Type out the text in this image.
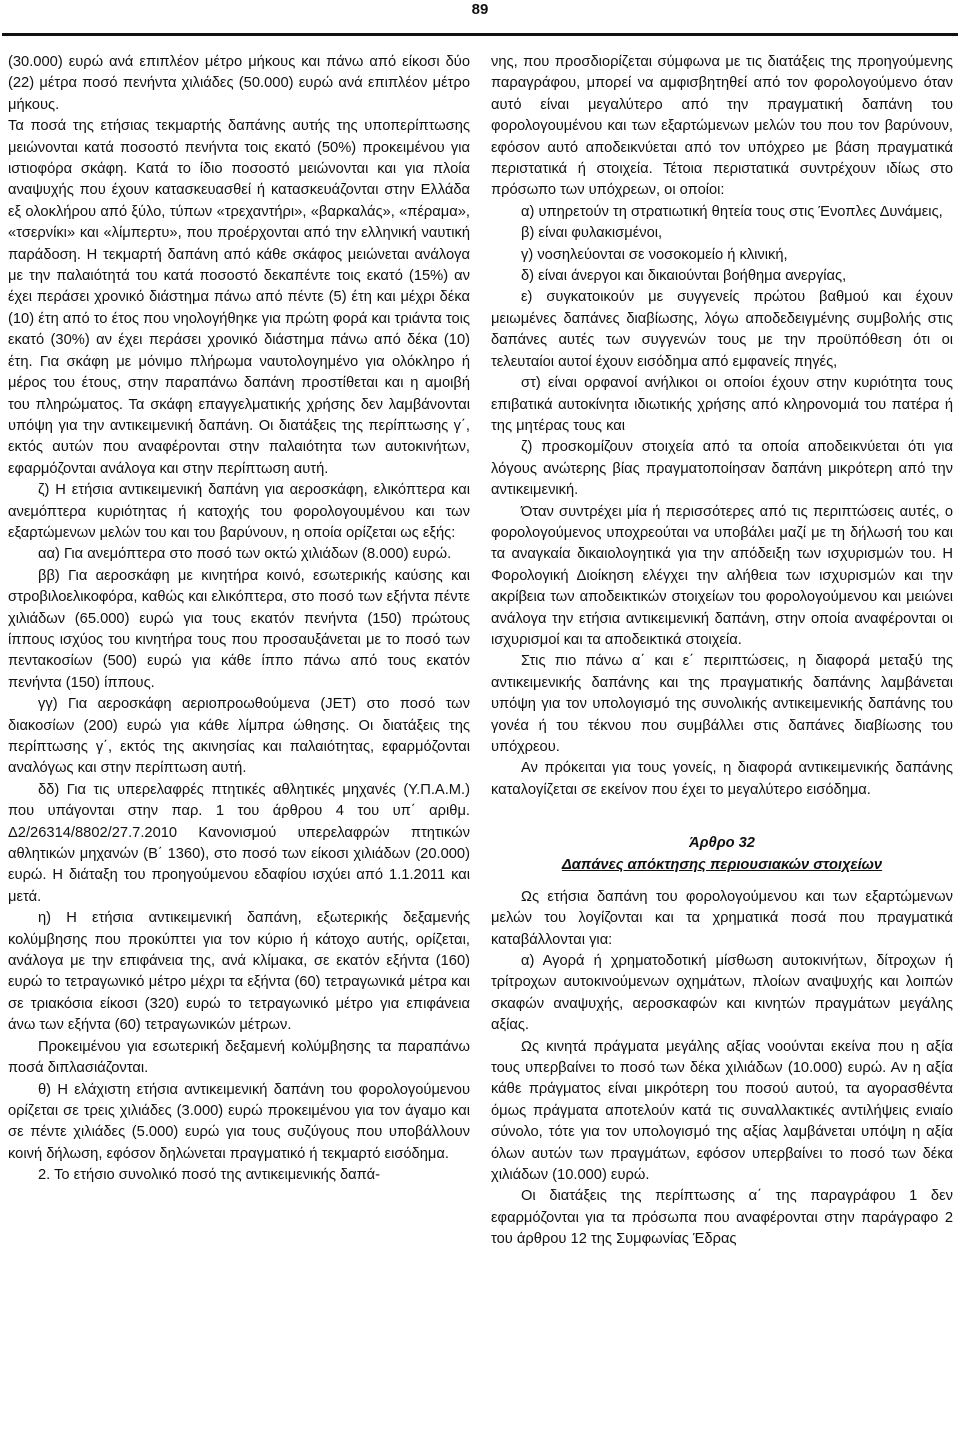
89

(30.000) ευρώ ανά επιπλέον μέτρο μήκους και πάνω από είκοσι δύο (22) μέτρα ποσό πενήντα χιλιάδες (50.000) ευρώ ανά επιπλέον μέτρο μήκους.

Τα ποσά της ετήσιας τεκμαρτής δαπάνης αυτής της υποπερίπτωσης μειώνονται κατά ποσοστό πενήντα τοις εκατό (50%) προκειμένου για ιστιοφόρα σκάφη. Κατά το ίδιο ποσοστό μειώνονται και για πλοία αναψυχής που έχουν κατασκευασθεί ή κατασκευάζονται στην Ελλάδα εξ ολοκλήρου από ξύλο, τύπων «τρεχαντήρι», «βαρκαλάς», «πέραμα», «τσερνίκι» και «λίμπερτυ», που προέρχονται από την ελληνική ναυτική παράδοση. Η τεκμαρτή δαπάνη από κάθε σκάφος μειώνεται ανάλογα με την παλαιότητά του κατά ποσοστό δεκαπέντε τοις εκατό (15%) αν έχει περάσει χρονικό διάστημα πάνω από πέντε (5) έτη και μέχρι δέκα (10) έτη από το έτος που νηολογήθηκε για πρώτη φορά και τριάντα τοις εκατό (30%) αν έχει περάσει χρονικό διάστημα πάνω από δέκα (10) έτη. Για σκάφη με μόνιμο πλήρωμα ναυτολογημένο για ολόκληρο ή μέρος του έτους, στην παραπάνω δαπάνη προστίθεται και η αμοιβή του πληρώματος. Τα σκάφη επαγγελματικής χρήσης δεν λαμβάνονται υπόψη για την αντικειμενική δαπάνη. Οι διατάξεις της περίπτωσης γ΄, εκτός αυτών που αναφέρονται στην παλαιότητα των αυτοκινήτων, εφαρμόζονται ανάλογα και στην περίπτωση αυτή.

ζ) Η ετήσια αντικειμενική δαπάνη για αεροσκάφη, ελικόπτερα και ανεμόπτερα κυριότητας ή κατοχής του φορολογουμένου και των εξαρτώμενων μελών του και του βαρύνουν, η οποία ορίζεται ως εξής:

αα) Για ανεμόπτερα στο ποσό των οκτώ χιλιάδων (8.000) ευρώ.

ββ) Για αεροσκάφη με κινητήρα κοινό, εσωτερικής καύσης και στροβιλοελικοφόρα, καθώς και ελικόπτερα, στο ποσό των εξήντα πέντε χιλιάδων (65.000) ευρώ για τους εκατόν πενήντα (150) πρώτους ίππους ισχύος του κινητήρα τους που προσαυξάνεται με το ποσό των πεντακοσίων (500) ευρώ για κάθε ίππο πάνω από τους εκατόν πενήντα (150) ίππους.

γγ) Για αεροσκάφη αεριοπροωθούμενα (JET) στο ποσό των διακοσίων (200) ευρώ για κάθε λίμπρα ώθησης. Οι διατάξεις της περίπτωσης γ΄, εκτός της ακινησίας και παλαιότητας, εφαρμόζονται αναλόγως και στην περίπτωση αυτή.

δδ) Για τις υπερελαφρές πτητικές αθλητικές μηχανές (Υ.Π.Α.Μ.) που υπάγονται στην παρ. 1 του άρθρου 4 του υπ΄ αριθμ. Δ2/26314/8802/27.7.2010 Κανονισμού υπερελαφρών πτητικών αθλητικών μηχανών (Β΄ 1360), στο ποσό των είκοσι χιλιάδων (20.000) ευρώ. Η διάταξη του προηγούμενου εδαφίου ισχύει από 1.1.2011 και μετά.

η) Η ετήσια αντικειμενική δαπάνη, εξωτερικής δεξαμενής κολύμβησης που προκύπτει για τον κύριο ή κάτοχο αυτής, ορίζεται, ανάλογα με την επιφάνεια της, ανά κλίμακα, σε εκατόν εξήντα (160) ευρώ το τετραγωνικό μέτρο μέχρι τα εξήντα (60) τετραγωνικά μέτρα και σε τριακόσια είκοσι (320) ευρώ το τετραγωνικό μέτρο για επιφάνεια άνω των εξήντα (60) τετραγωνικών μέτρων.

Προκειμένου για εσωτερική δεξαμενή κολύμβησης τα παραπάνω ποσά διπλασιάζονται.

θ) Η ελάχιστη ετήσια αντικειμενική δαπάνη του φορολογούμενου ορίζεται σε τρεις χιλιάδες (3.000) ευρώ προκειμένου για τον άγαμο και σε πέντε χιλιάδες (5.000) ευρώ για τους συζύγους που υποβάλλουν κοινή δήλωση, εφόσον δηλώνεται πραγματικό ή τεκμαρτό εισόδημα.

2. Το ετήσιο συνολικό ποσό της αντικειμενικής δαπά-

νης, που προσδιορίζεται σύμφωνα με τις διατάξεις της προηγούμενης παραγράφου, μπορεί να αμφισβητηθεί από τον φορολογούμενο όταν αυτό είναι μεγαλύτερο από την πραγματική δαπάνη του φορολογουμένου και των εξαρτώμενων μελών του που τον βαρύνουν, εφόσον αυτό αποδεικνύεται από τον υπόχρεο με βάση πραγματικά περιστατικά ή στοιχεία. Τέτοια περιστατικά συντρέχουν ιδίως στο πρόσωπο των υπόχρεων, οι οποίοι:

α) υπηρετούν τη στρατιωτική θητεία τους στις Ένοπλες Δυνάμεις,

β) είναι φυλακισμένοι,

γ) νοσηλεύονται σε νοσοκομείο ή κλινική,

δ) είναι άνεργοι και δικαιούνται βοήθημα ανεργίας,

ε) συγκατοικούν με συγγενείς πρώτου βαθμού και έχουν μειωμένες δαπάνες διαβίωσης, λόγω αποδεδειγμένης συμβολής στις δαπάνες αυτές των συγγενών τους με την προϋπόθεση ότι οι τελευταίοι αυτοί έχουν εισόδημα από εμφανείς πηγές,

στ) είναι ορφανοί ανήλικοι οι οποίοι έχουν στην κυριότητα τους επιβατικά αυτοκίνητα ιδιωτικής χρήσης από κληρονομιά του πατέρα ή της μητέρας τους και

ζ) προσκομίζουν στοιχεία από τα οποία αποδεικνύεται ότι για λόγους ανώτερης βίας πραγματοποίησαν δαπάνη μικρότερη από την αντικειμενική.

Όταν συντρέχει μία ή περισσότερες από τις περιπτώσεις αυτές, ο φορολογούμενος υποχρεούται να υποβάλει μαζί με τη δήλωσή του και τα αναγκαία δικαιολογητικά για την απόδειξη των ισχυρισμών του. Η Φορολογική Διοίκηση ελέγχει την αλήθεια των ισχυρισμών και την ακρίβεια των αποδεικτικών στοιχείων του φορολογούμενου και μειώνει ανάλογα την ετήσια αντικειμενική δαπάνη, στην οποία αναφέρονται οι ισχυρισμοί και τα αποδεικτικά στοιχεία.

Στις πιο πάνω α΄ και ε΄ περιπτώσεις, η διαφορά μεταξύ της αντικειμενικής δαπάνης και της πραγματικής δαπάνης λαμβάνεται υπόψη για τον υπολογισμό της συνολικής αντικειμενικής δαπάνης του γονέα ή του τέκνου που συμβάλλει στις δαπάνες διαβίωσης του υπόχρεου.

Αν πρόκειται για τους γονείς, η διαφορά αντικειμενικής δαπάνης καταλογίζεται σε εκείνον που έχει το μεγαλύτερο εισόδημα.

Άρθρο 32

Δαπάνες απόκτησης περιουσιακών στοιχείων

Ως ετήσια δαπάνη του φορολογούμενου και των εξαρτώμενων μελών του λογίζονται και τα χρηματικά ποσά που πραγματικά καταβάλλονται για:

α) Αγορά ή χρηματοδοτική μίσθωση αυτοκινήτων, δίτροχων ή τρίτροχων αυτοκινούμενων οχημάτων, πλοίων αναψυχής και λοιπών σκαφών αναψυχής, αεροσκαφών και κινητών πραγμάτων μεγάλης αξίας.

Ως κινητά πράγματα μεγάλης αξίας νοούνται εκείνα που η αξία τους υπερβαίνει το ποσό των δέκα χιλιάδων (10.000) ευρώ. Αν η αξία κάθε πράγματος είναι μικρότερη του ποσού αυτού, τα αγορασθέντα όμως πράγματα αποτελούν κατά τις συναλλακτικές αντιλήψεις ενιαίο σύνολο, τότε για τον υπολογισμό της αξίας λαμβάνεται υπόψη η αξία όλων αυτών των πραγμάτων, εφόσον υπερβαίνει το ποσό των δέκα χιλιάδων (10.000) ευρώ.

Οι διατάξεις της περίπτωσης α΄ της παραγράφου 1 δεν εφαρμόζονται για τα πρόσωπα που αναφέρονται στην παράγραφο 2 του άρθρου 12 της Συμφωνίας Έδρας
